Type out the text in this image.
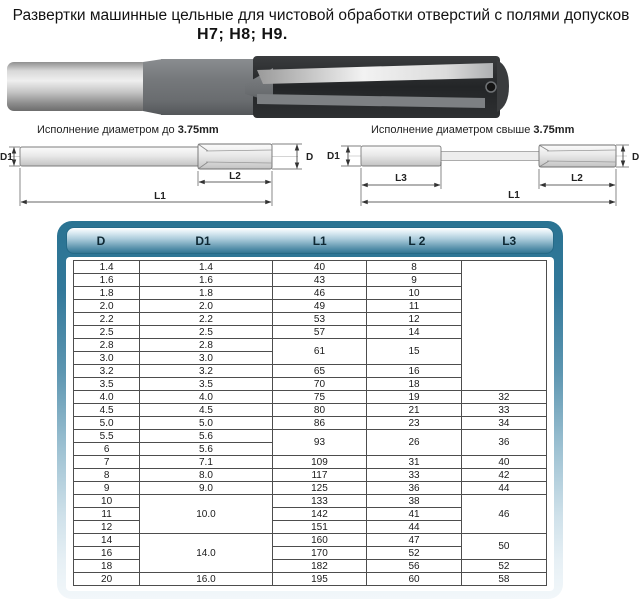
Развертки машинные цельные для чистовой обработки отверстий с полями допусков
Н7; Н8; Н9.
Исполнение диаметром до 3.75mm
D1	D
L2
L1
Исполнение диаметром свыше 3.75mm
D1	D
L3	L2
L1
D	D1	L1	L 2	L3
1.4	1.4	40	8	
1.6	1.6	43	9	
1.8	1.8	46	10	
2.0	2.0	49	11	
2.2	2.2	53	12	
2.5	2.5	57	14	
2.8	2.8	61	15	
3.0	3.0			
3.2	3.2	65	16	
3.5	3.5	70	18	
4.0	4.0	75	19	32
4.5	4.5	80	21	33
5.0	5.0	86	23	34
5.5	5.6	93	26	36
6	5.6			
7	7.1	109	31	40
8	8.0	117	33	42
9	9.0	125	36	44
10	10.0	133	38	46
11		142	41	
12		151	44	
14	14.0	160	47	50
16		170	52	
18		182	56	52
20	16.0	195	60	58
